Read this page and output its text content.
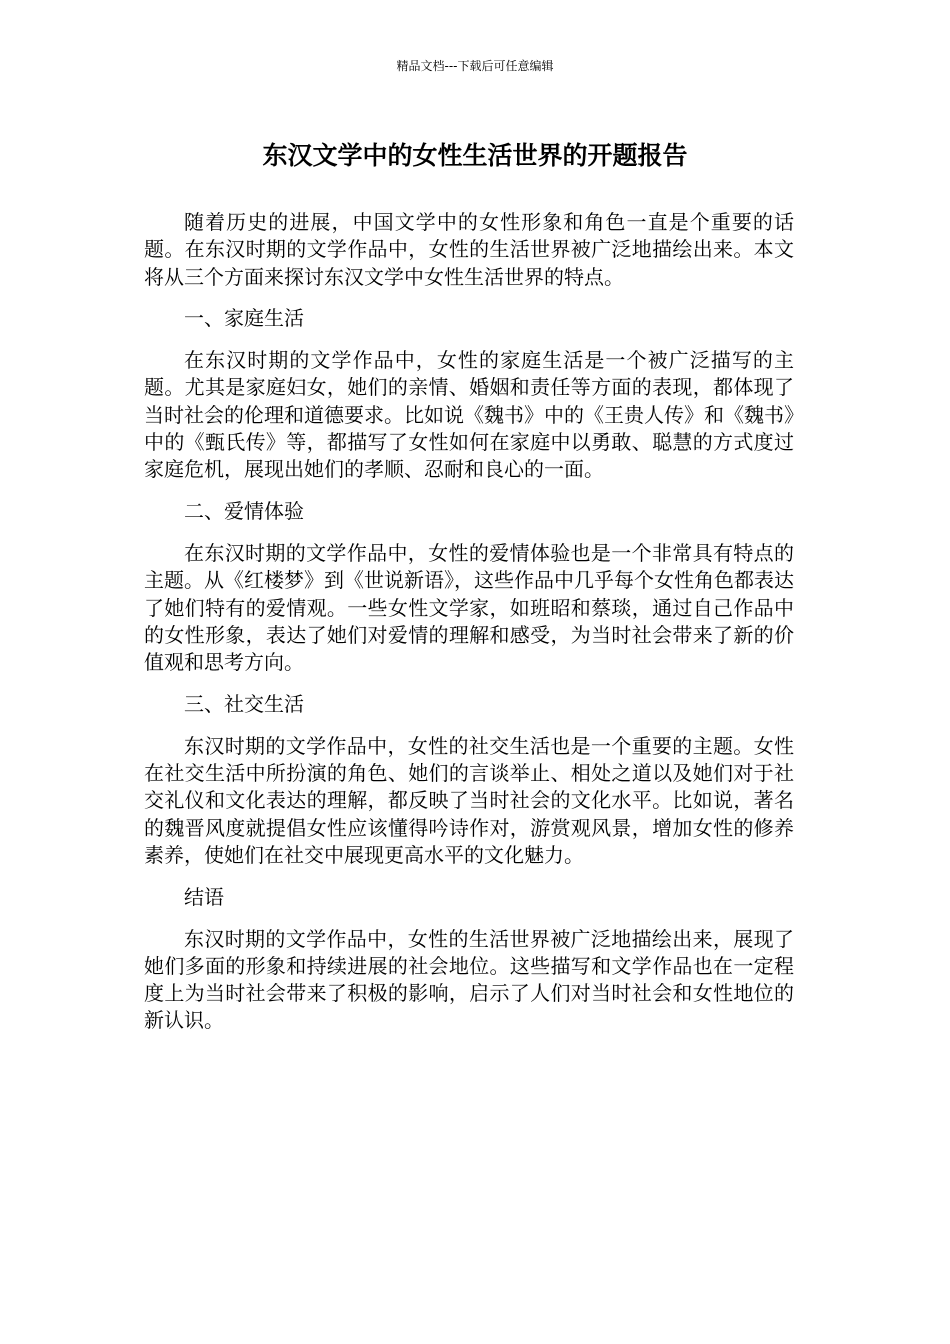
精品文档---下载后可任意编辑
东汉文学中的女性生活世界的开题报告

随着历史的进展，中国文学中的女性形象和角色一直是个重要的话题。在东汉时期的文学作品中，女性的生活世界被广泛地描绘出来。本文将从三个方面来探讨东汉文学中女性生活世界的特点。

一、家庭生活

在东汉时期的文学作品中，女性的家庭生活是一个被广泛描写的主题。尤其是家庭妇女，她们的亲情、婚姻和责任等方面的表现，都体现了当时社会的伦理和道德要求。比如说《魏书》中的《王贵人传》和《魏书》中的《甄氏传》等，都描写了女性如何在家庭中以勇敢、聪慧的方式度过家庭危机，展现出她们的孝顺、忍耐和良心的一面。

二、爱情体验

在东汉时期的文学作品中，女性的爱情体验也是一个非常具有特点的主题。从《红楼梦》到《世说新语》，这些作品中几乎每个女性角色都表达了她们特有的爱情观。一些女性文学家，如班昭和蔡琰，通过自己作品中的女性形象，表达了她们对爱情的理解和感受，为当时社会带来了新的价值观和思考方向。

三、社交生活

东汉时期的文学作品中，女性的社交生活也是一个重要的主题。女性在社交生活中所扮演的角色、她们的言谈举止、相处之道以及她们对于社交礼仪和文化表达的理解，都反映了当时社会的文化水平。比如说，著名的魏晋风度就提倡女性应该懂得吟诗作对，游赏观风景，增加女性的修养素养，使她们在社交中展现更高水平的文化魅力。

结语

东汉时期的文学作品中，女性的生活世界被广泛地描绘出来，展现了她们多面的形象和持续进展的社会地位。这些描写和文学作品也在一定程度上为当时社会带来了积极的影响，启示了人们对当时社会和女性地位的新认识。
